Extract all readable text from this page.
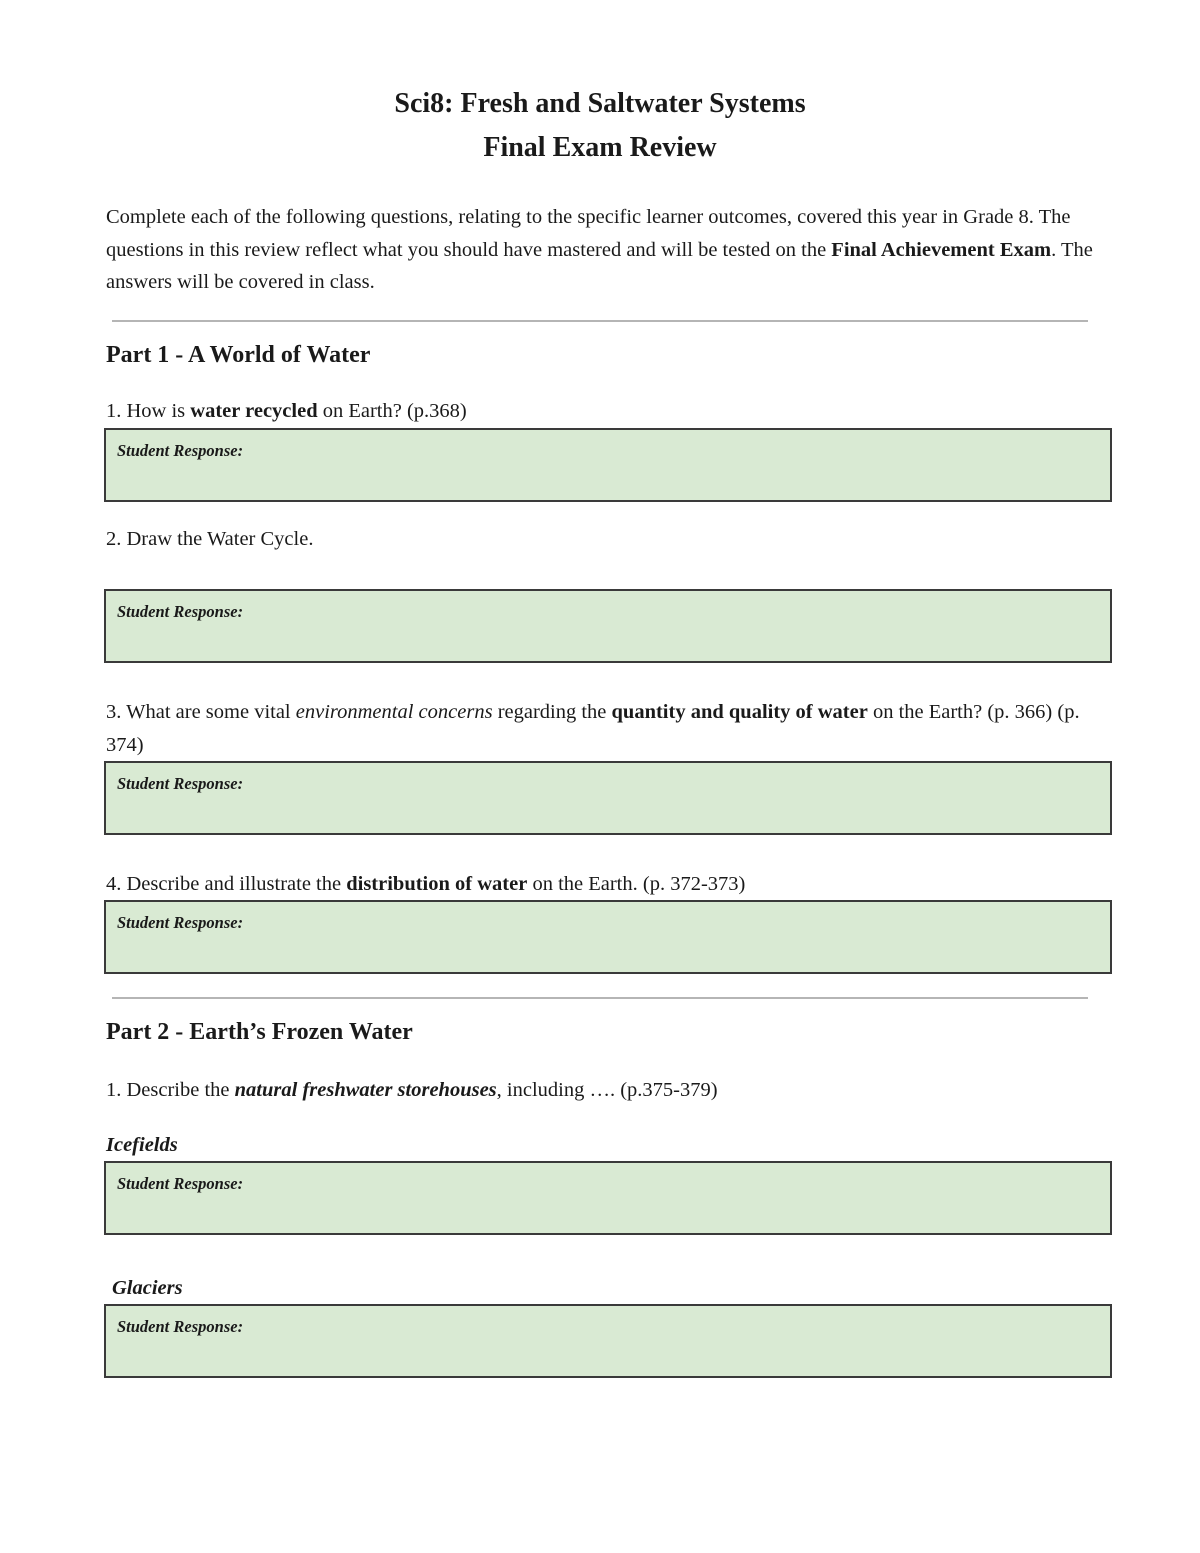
Sci8: Fresh and Saltwater Systems
Final Exam Review
Complete each of the following questions, relating to the specific learner outcomes, covered this year in Grade 8. The questions in this review reflect what you should have mastered and will be tested on the Final Achievement Exam. The answers will be covered in class.
Part 1 - A World of Water
1. How is water recycled on Earth? (p.368)
Student Response:
2. Draw the Water Cycle.
Student Response:
3. What are some vital environmental concerns regarding the quantity and quality of water on the Earth? (p. 366) (p. 374)
Student Response:
4. Describe and illustrate the distribution of water on the Earth. (p. 372-373)
Student Response:
Part 2 - Earth’s Frozen Water
1. Describe the natural freshwater storehouses, including …. (p.375-379)
Icefields
Student Response:
Glaciers
Student Response:
